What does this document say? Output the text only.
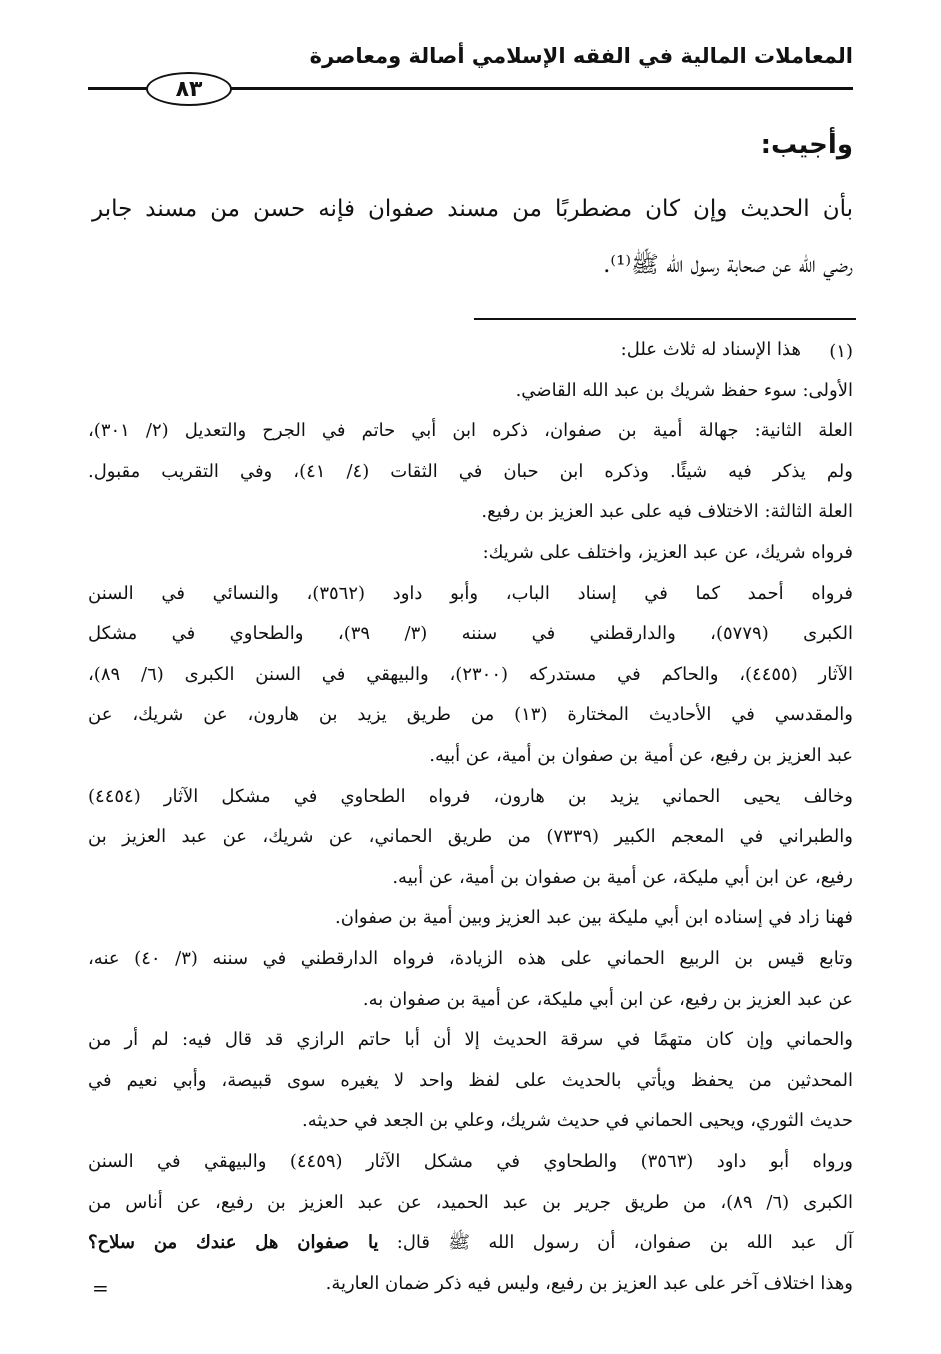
المعاملات المالية في الفقه الإسلامي أصالة ومعاصرة
٨٣
وأجيب:
بأن الحديث وإن كان مضطربًا من مسند صفوان فإنه حسن من مسند جابر
رضي الله عن صحابة رسول الله ﷺ⁽¹⁾.
(١)
هذا الإسناد له ثلاث علل:
الأولى: سوء حفظ شريك بن عبد الله القاضي.
العلة الثانية: جهالة أمية بن صفوان، ذكره ابن أبي حاتم في الجرح والتعديل (٢/ ٣٠١)،
ولم يذكر فيه شيئًا. وذكره ابن حبان في الثقات (٤/ ٤١)، وفي التقريب مقبول.
العلة الثالثة: الاختلاف فيه على عبد العزيز بن رفيع.
فرواه شريك، عن عبد العزيز، واختلف على شريك:
فرواه أحمد كما في إسناد الباب، وأبو داود (٣٥٦٢)، والنسائي في السنن
الكبرى (٥٧٧٩)، والدارقطني في سننه (٣/ ٣٩)، والطحاوي في مشكل
الآثار (٤٤٥٥)، والحاكم في مستدركه (٢٣٠٠)، والبيهقي في السنن الكبرى (٦/ ٨٩)،
والمقدسي في الأحاديث المختارة (١٣) من طريق يزيد بن هارون، عن شريك، عن
عبد العزيز بن رفيع، عن أمية بن صفوان بن أمية، عن أبيه.
وخالف يحيى الحماني يزيد بن هارون، فرواه الطحاوي في مشكل الآثار (٤٤٥٤)
والطبراني في المعجم الكبير (٧٣٣٩) من طريق الحماني، عن شريك، عن عبد العزيز بن
رفيع، عن ابن أبي مليكة، عن أمية بن صفوان بن أمية، عن أبيه.
فهنا زاد في إسناده ابن أبي مليكة بين عبد العزيز وبين أمية بن صفوان.
وتابع قيس بن الربيع الحماني على هذه الزيادة، فرواه الدارقطني في سننه (٣/ ٤٠) عنه،
عن عبد العزيز بن رفيع، عن ابن أبي مليكة، عن أمية بن صفوان به.
والحماني وإن كان متهمًا في سرقة الحديث إلا أن أبا حاتم الرازي قد قال فيه: لم أر من
المحدثين من يحفظ ويأتي بالحديث على لفظ واحد لا يغيره سوى قبيصة، وأبي نعيم في
حديث الثوري، ويحيى الحماني في حديث شريك، وعلي بن الجعد في حديثه.
ورواه أبو داود (٣٥٦٣) والطحاوي في مشكل الآثار (٤٤٥٩) والبيهقي في السنن
الكبرى (٦/ ٨٩)، من طريق جرير بن عبد الحميد، عن عبد العزيز بن رفيع، عن أناس من
آل عبد الله بن صفوان، أن رسول الله ﷺ قال: يا صفوان هل عندك من سلاح؟
وهذا اختلاف آخر على عبد العزيز بن رفيع، وليس فيه ذكر ضمان العارية.
=
